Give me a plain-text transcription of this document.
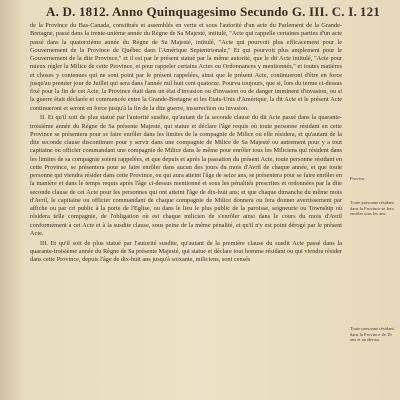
A. D. 1812. Anno Quinquagesimo Secundo G. III. C. I. 121

de la Province du Bas-Canada, constitués et assemblés en vertu et sous l'autorité d'un acte du Parlement de la Grande-Bretagne, passé dans la trente-unième année du Règne de Sa Majesté, intitulé, "Acte qui rappelle certaines parties d'un acte passé dans la quatorzième année du Règne de Sa Majesté, intitulé, "Acte qui pourvoit plus efficacement pour le Gouvernement de la Province de Québec dans l'Amérique Septentrionale," Et qui pourvoit plus amplement pour le Gouvernement de la dite Province," et il est par le présent statué par la même autorité, que le dit Acte intitulé, "Acte pour mieux régler la Milice de cette Province, et pour rappeler certains Actes ou Ordonnances y mentionnés," et toutes matières et choses y contenues qui ne sont point par le présent rappelées, ainsi que le présent Acte, continueront d'être en force jusqu'au premier jour de Juillet qui sera dans l'année mil huit cent quatorze. Pourvu toujours, que si, lors du terme ci-dessus fixé pour la fin de cet Acte, la Province était dans un état d'invasion ou d'invasion ou de danger imminent d'invasion, ou si la guerre était déclarée et commencée entre la Grande-Bretagne et les Etats-Unis d'Amérique, la dit Acte et le présent Acte continueront et seront en force jusqu'à la fin de la dite guerre, insurrection ou invasion.

II. Et qu'il soit de plus statué par l'autorité susdite, qu'autant de la seconde clause du dit Acte passé dans la quarante-troisième année du Règne de Sa présente Majesté, qui statue et déclare l'âge requis où toute personne résidant en cette Province se présentera pour se faire enrôler dans les limites de la compagnie de Milice où elle résidera, et qu'autant de la dite seconde clause discontinuer pour y servir dans une compagnie de Milice de Sa Majesté ou autrement pour y a tout capitaine ou officier commandant une compagnie de Milice dans le même pour enrôler tous les Miliciens qui résident dans les limites de sa compagnie soient rappelées, et que depuis et après la passation du présent Acte, toute personne résidant en cette Province, se présentera pour se faire enrôler dans aucun des jours du mois d'Avril de chaque année, et que toute personne qui viendra résider dans cette Province, ou qui aura atteint l'âge de seize ans, se présentera pour se faire enrôler en la manière et dans le temps requis après l'âge ci-dessus mentionné et sous les pénalités prescrites et ordonnées par la dite seconde clause de cet Acte pour les personnes qui ont atteint l'âge de dix-huit ans; et que chaque dimanche du même mois d'Avril, le capitaine ou officier commandant de chaque compagnie de Milice donnera ou fera donner avertissement par affiche ou par cri public à la porte de l'Eglise, ou dans le lieu le plus public de la paroisse, seigneurie ou Township où résidera telle compagnie, de l'obligation où est chaque milicien de s'enrôler ainsi dans le cours du mois d'Avril conformément à cet Acte et à la susdite clause, sous peine de la même pénalité, et qu'il n'y est point dérogé par le présent Acte.

III. Et qu'il soit de plus statué par l'autorité susdite, qu'autant de la première clause du susdit Acte passé dans la quarante-troisième année du Règne de Sa présente Majesté, qui statue et déclare tout homme résidant ou qui viendra résider dans cette Province, depuis l'âge de dix-huit ans jusqu'à soixante, miliciens, sont censés

Proviso.
Toute personne résidant dans la Province se fera enrôler tous les ans.
Toute personne résidant dans la Province de 16 ans et au dessus.
